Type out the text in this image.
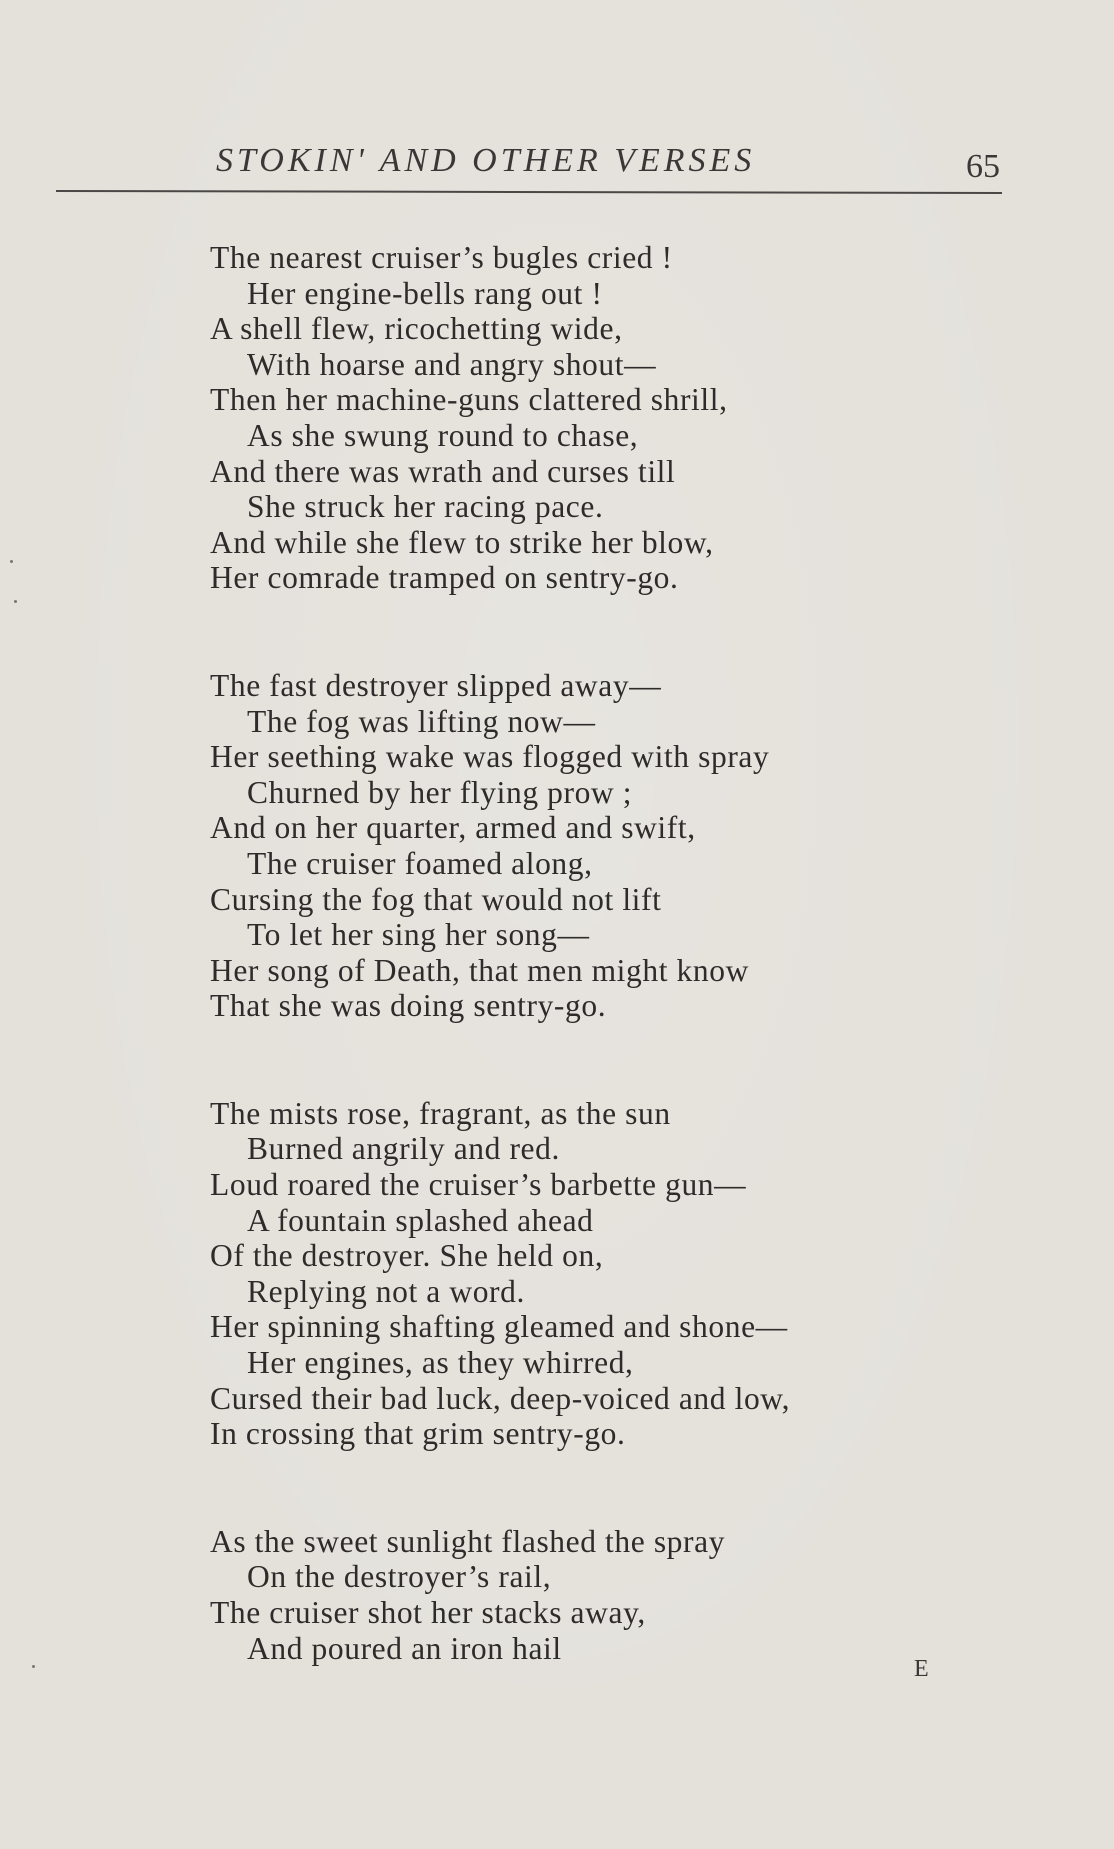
STOKIN' AND OTHER VERSES	65
The nearest cruiser’s bugles cried !
Her engine-bells rang out !
A shell flew, ricochetting wide,
With hoarse and angry shout—
Then her machine-guns clattered shrill,
As she swung round to chase,
And there was wrath and curses till
She struck her racing pace.
And while she flew to strike her blow,
Her comrade tramped on sentry-go.
The fast destroyer slipped away—
The fog was lifting now—
Her seething wake was flogged with spray
Churned by her flying prow ;
And on her quarter, armed and swift,
The cruiser foamed along,
Cursing the fog that would not lift
To let her sing her song—
Her song of Death, that men might know
That she was doing sentry-go.
The mists rose, fragrant, as the sun
Burned angrily and red.
Loud roared the cruiser’s barbette gun—
A fountain splashed ahead
Of the destroyer. She held on,
Replying not a word.
Her spinning shafting gleamed and shone—
Her engines, as they whirred,
Cursed their bad luck, deep-voiced and low,
In crossing that grim sentry-go.
As the sweet sunlight flashed the spray
On the destroyer’s rail,
The cruiser shot her stacks away,
And poured an iron hail
E
